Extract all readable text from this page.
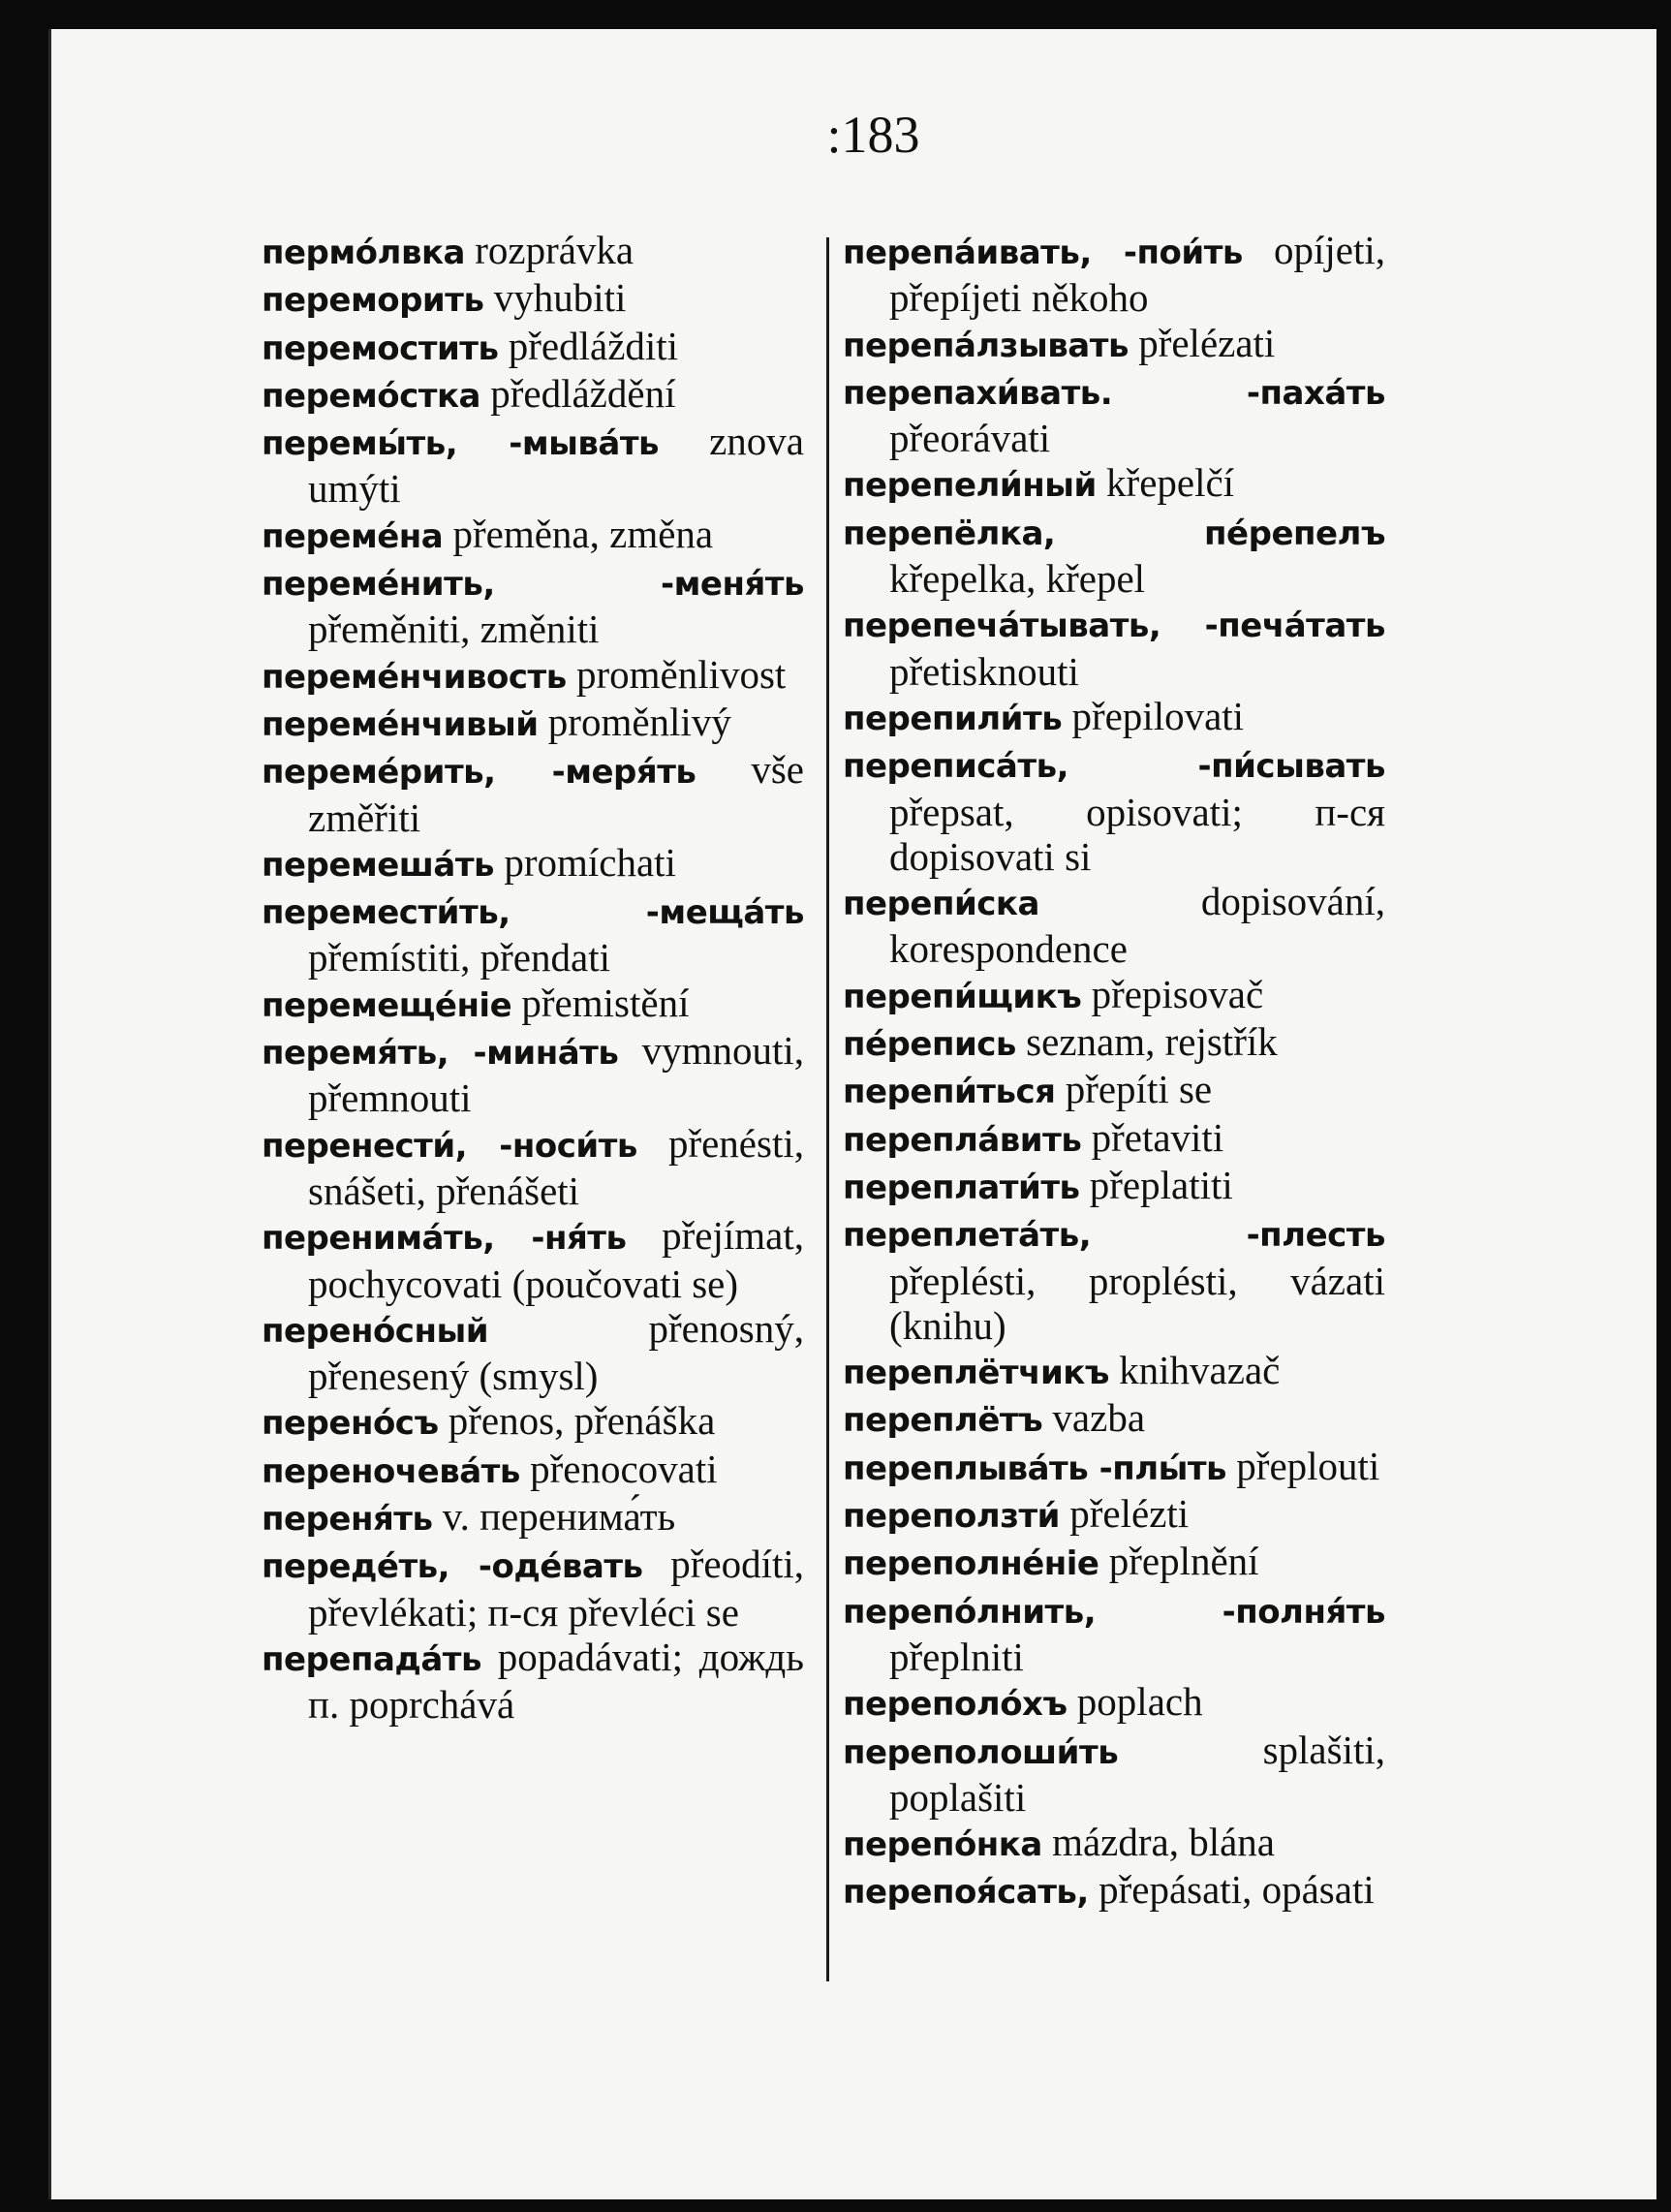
:183
пермо́лвка rozprávka
переморить vyhubiti
перемостить předlážditi
перемо́стка předláždění
перемы́ть, -мыва́ть znova umýti
переме́на přeměna, změna
переме́нить, -меня́ть přeměniti, změniti
переме́нчивость proměnlivost
переме́нчивый proměnlivý
переме́рить, -меря́ть vše změřiti
перемеша́ть promíchati
перемести́ть, -меща́ть přemístiti, přendati
перемеще́ніе přemistění
перемя́ть, -мина́ть vymnouti, přemnouti
перенести́, -носи́ть přenésti, snášeti, přenášeti
перенима́ть, -ня́ть přejímat, pochycovati (poučovati se)
перено́сный	přenosný, přenesený (smysl)
перено́съ přenos, přenáška
переночева́ть přenocovati
переня́ть v. перенима́ть
переде́ть, -оде́вать přeodíti, převlékati; п-ся převléci se
перепада́ть popadávati; дождь п. poprchává
перепа́ивать, -пои́ть opíjeti, přepíjeti někoho
перепа́лзывать přelézati
перепахи́вать. -паха́ть přeorávati
перепели́ный křepelčí
перепёлка, пе́репелъ křepelka, křepel
перепеча́тывать, -печа́тать přetisknouti
перепили́ть přepilovati
переписа́ть, -пи́сывать přepsat, opisovati; п-ся dopisovati si
перепи́ска	dopisování, korespondence
перепи́щикъ přepisovač
пе́репись seznam, rejstřík
перепи́ться přepíti se
перепла́вить přetaviti
переплати́ть přeplatiti
переплета́ть, -плесть přeplésti, proplésti, vázati (knihu)
переплётчикъ knihvazač
переплётъ vazba
переплыва́ть -плы́ть přeplouti
переползти́ přelézti
переполне́ніе přeplnění
перепо́лнить, -полня́ть přeplniti
переполо́хъ poplach
переполоши́ть	splašiti, poplašiti
перепо́нка mázdra, blána
перепоя́сать, přepásati, opásati
